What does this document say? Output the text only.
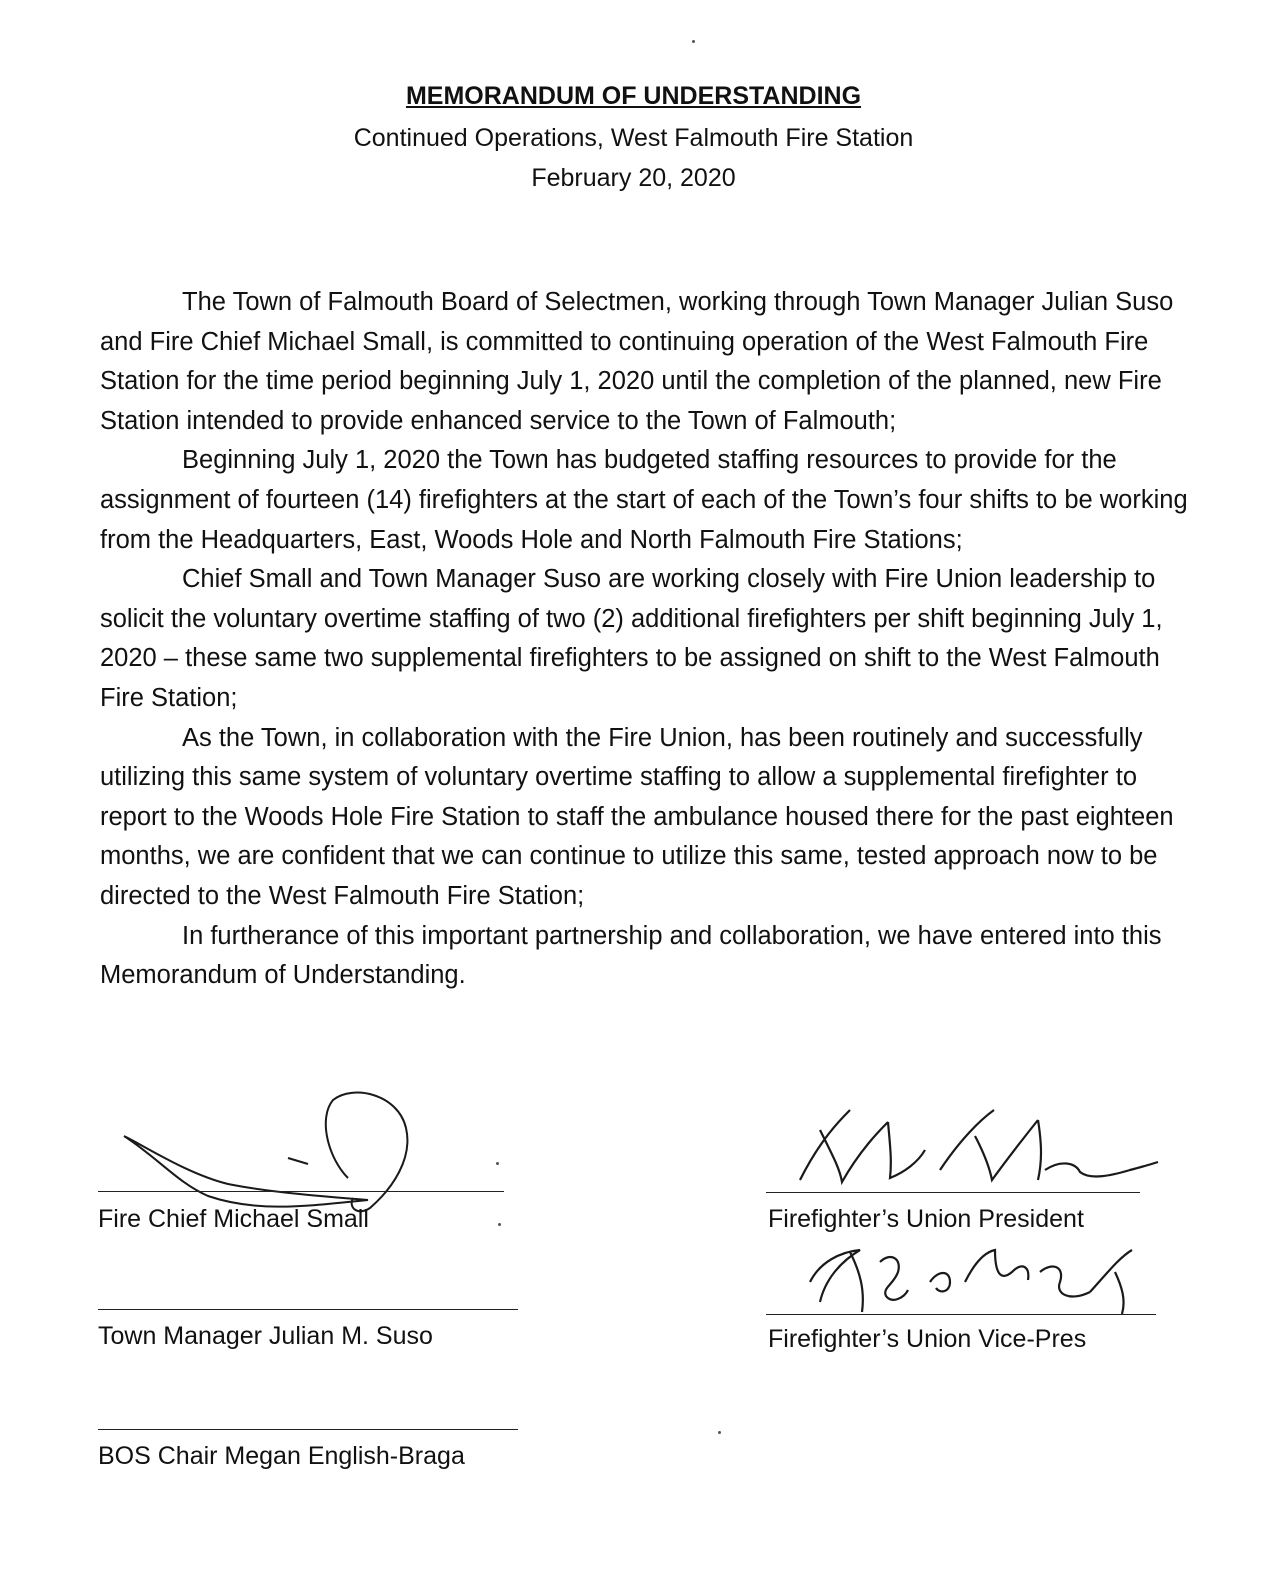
MEMORANDUM OF UNDERSTANDING
Continued Operations, West Falmouth Fire Station
February 20, 2020

The Town of Falmouth Board of Selectmen, working through Town Manager Julian Suso and Fire Chief Michael Small, is committed to continuing operation of the West Falmouth Fire Station for the time period beginning July 1, 2020 until the completion of the planned, new Fire Station intended to provide enhanced service to the Town of Falmouth;

Beginning July 1, 2020 the Town has budgeted staffing resources to provide for the assignment of fourteen (14) firefighters at the start of each of the Town’s four shifts to be working from the Headquarters, East, Woods Hole and North Falmouth Fire Stations;

Chief Small and Town Manager Suso are working closely with Fire Union leadership to solicit the voluntary overtime staffing of two (2) additional firefighters per shift beginning July 1, 2020 – these same two supplemental firefighters to be assigned on shift to the West Falmouth Fire Station;

As the Town, in collaboration with the Fire Union, has been routinely and successfully utilizing this same system of voluntary overtime staffing to allow a supplemental firefighter to report to the Woods Hole Fire Station to staff the ambulance housed there for the past eighteen months, we are confident that we can continue to utilize this same, tested approach now to be directed to the West Falmouth Fire Station;

In furtherance of this important partnership and collaboration, we have entered into this Memorandum of Understanding.

Fire Chief Michael Small
Town Manager Julian M. Suso
BOS Chair Megan English-Braga
Firefighter’s Union President
Firefighter’s Union Vice-Pres
